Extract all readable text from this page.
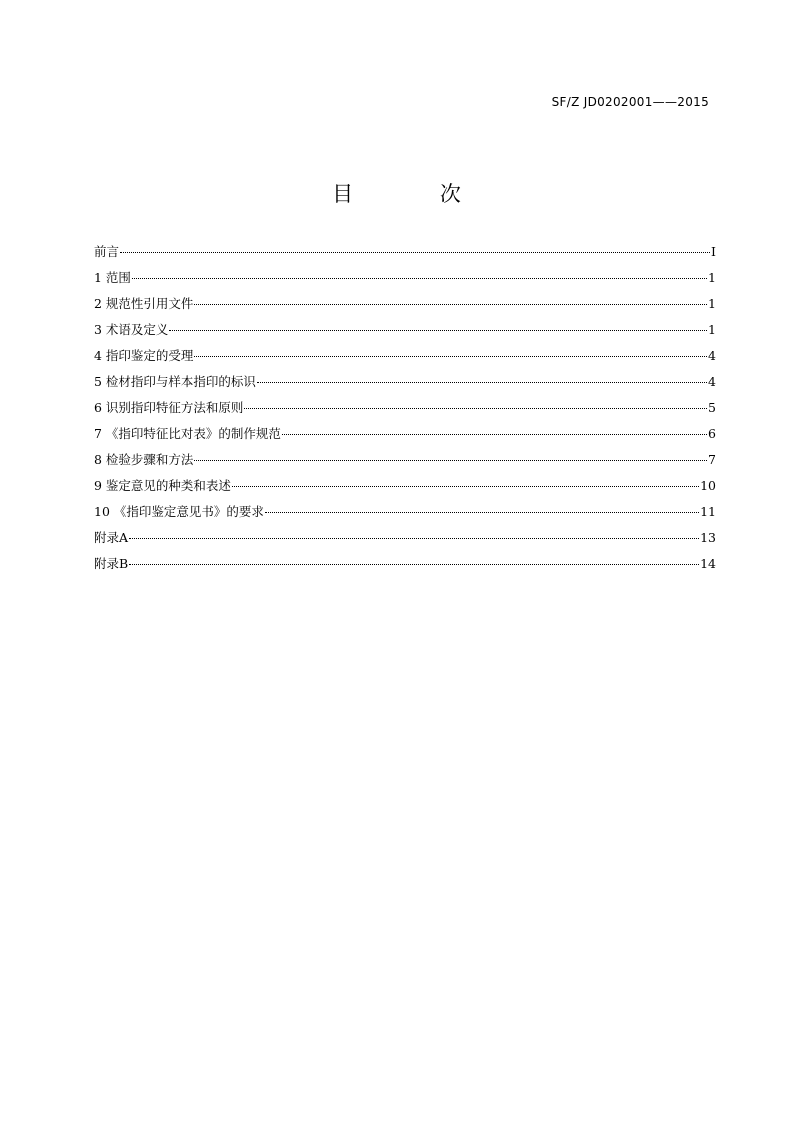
SF/Z JD0202001——2015
目 次
前言	I
1 范围	1
2 规范性引用文件	1
3 术语及定义	1
4 指印鉴定的受理	4
5 检材指印与样本指印的标识	4
6 识别指印特征方法和原则	5
7 《指印特征比对表》的制作规范	6
8 检验步骤和方法	7
9 鉴定意见的种类和表述	10
10 《指印鉴定意见书》的要求	11
附录A	13
附录B	14
